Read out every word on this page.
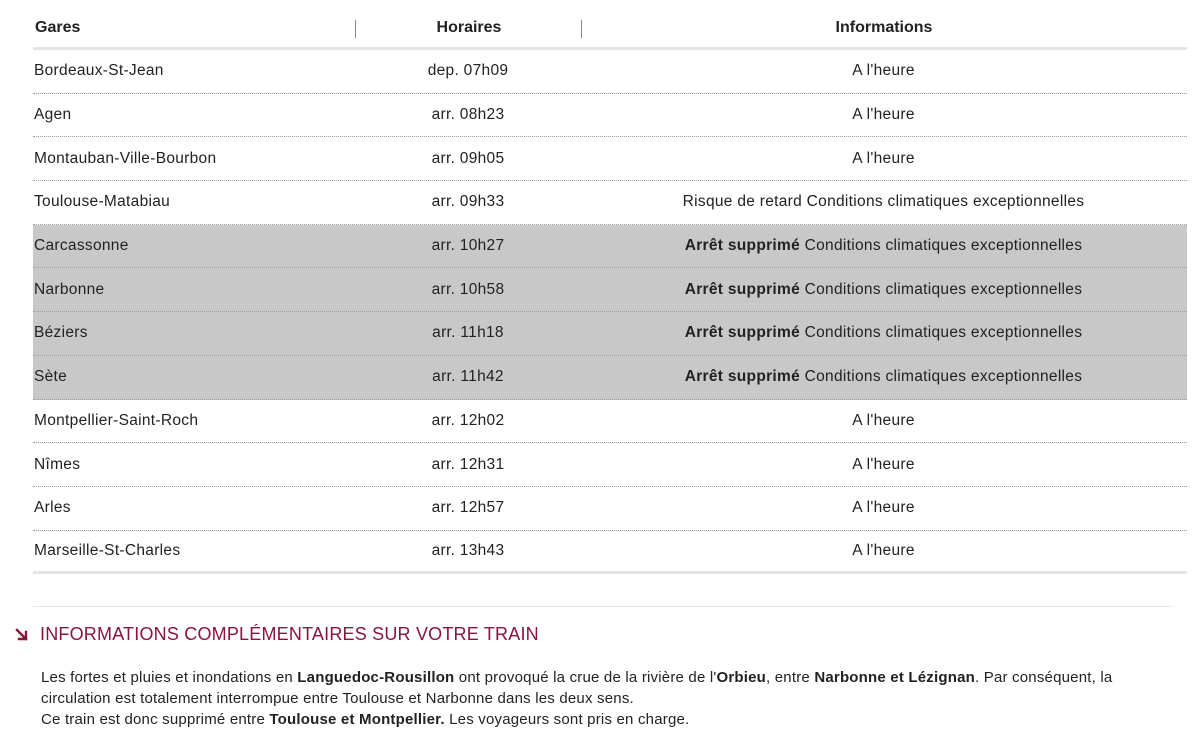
Gares	Horaires	Informations
Bordeaux-St-Jean	dep. 07h09	A l'heure
Agen	arr. 08h23	A l'heure
Montauban-Ville-Bourbon	arr. 09h05	A l'heure
Toulouse-Matabiau	arr. 09h33	Risque de retard Conditions climatiques exceptionnelles
Carcassonne	arr. 10h27	Arrêt supprimé Conditions climatiques exceptionnelles
Narbonne	arr. 10h58	Arrêt supprimé Conditions climatiques exceptionnelles
Béziers	arr. 11h18	Arrêt supprimé Conditions climatiques exceptionnelles
Sète	arr. 11h42	Arrêt supprimé Conditions climatiques exceptionnelles
Montpellier-Saint-Roch	arr. 12h02	A l'heure
Nîmes	arr. 12h31	A l'heure
Arles	arr. 12h57	A l'heure
Marseille-St-Charles	arr. 13h43	A l'heure
INFORMATIONS COMPLÉMENTAIRES SUR VOTRE TRAIN
Les fortes et pluies et inondations en Languedoc-Rousillon ont provoqué la crue de la rivière de l'Orbieu, entre Narbonne et Lézignan. Par conséquent, la circulation est totalement interrompue entre Toulouse et Narbonne dans les deux sens.
Ce train est donc supprimé entre Toulouse et Montpellier. Les voyageurs sont pris en charge.
